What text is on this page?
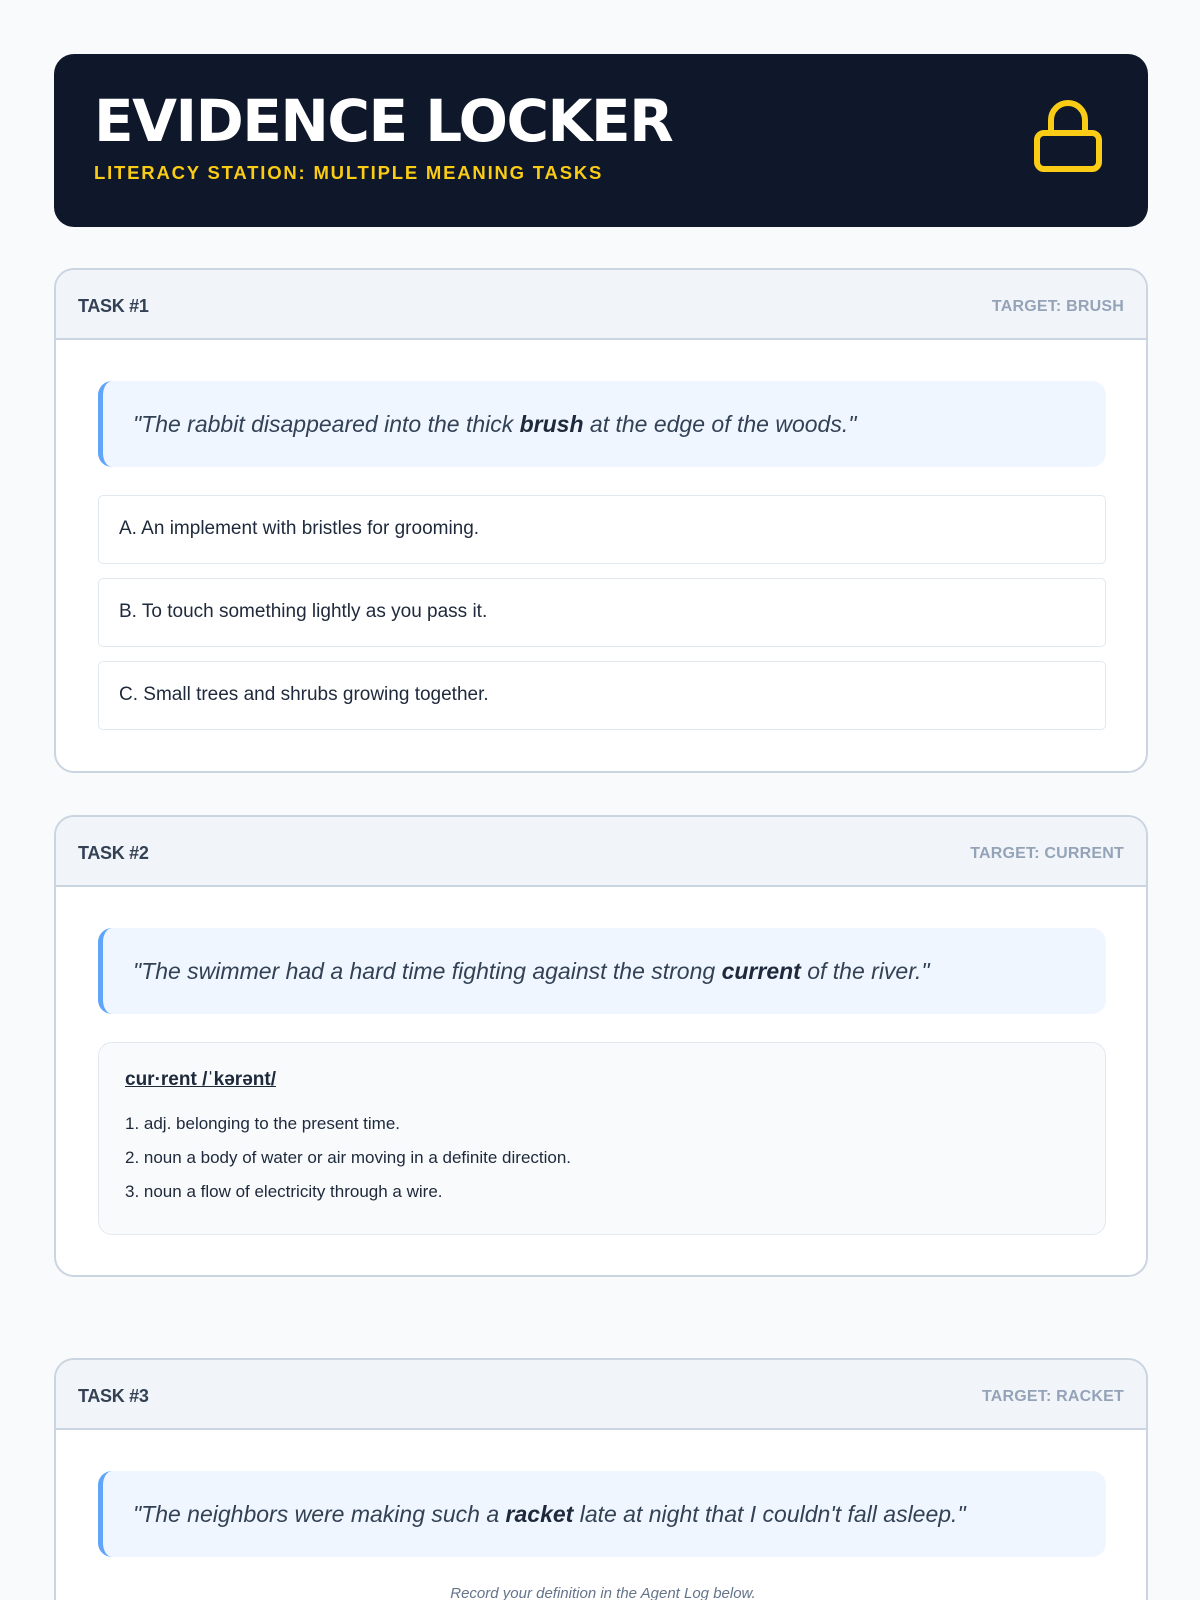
EVIDENCE LOCKER
LITERACY STATION: MULTIPLE MEANING TASKS
TASK #1	TARGET: BRUSH
"The rabbit disappeared into the thick brush at the edge of the woods."
A. An implement with bristles for grooming.
B. To touch something lightly as you pass it.
C. Small trees and shrubs growing together.
TASK #2	TARGET: CURRENT
"The swimmer had a hard time fighting against the strong current of the river."
cur·rent /ˈkərənt/
1. adj. belonging to the present time.
2. noun a body of water or air moving in a definite direction.
3. noun a flow of electricity through a wire.
TASK #3	TARGET: RACKET
"The neighbors were making such a racket late at night that I couldn't fall asleep."
Record your definition in the Agent Log below.
